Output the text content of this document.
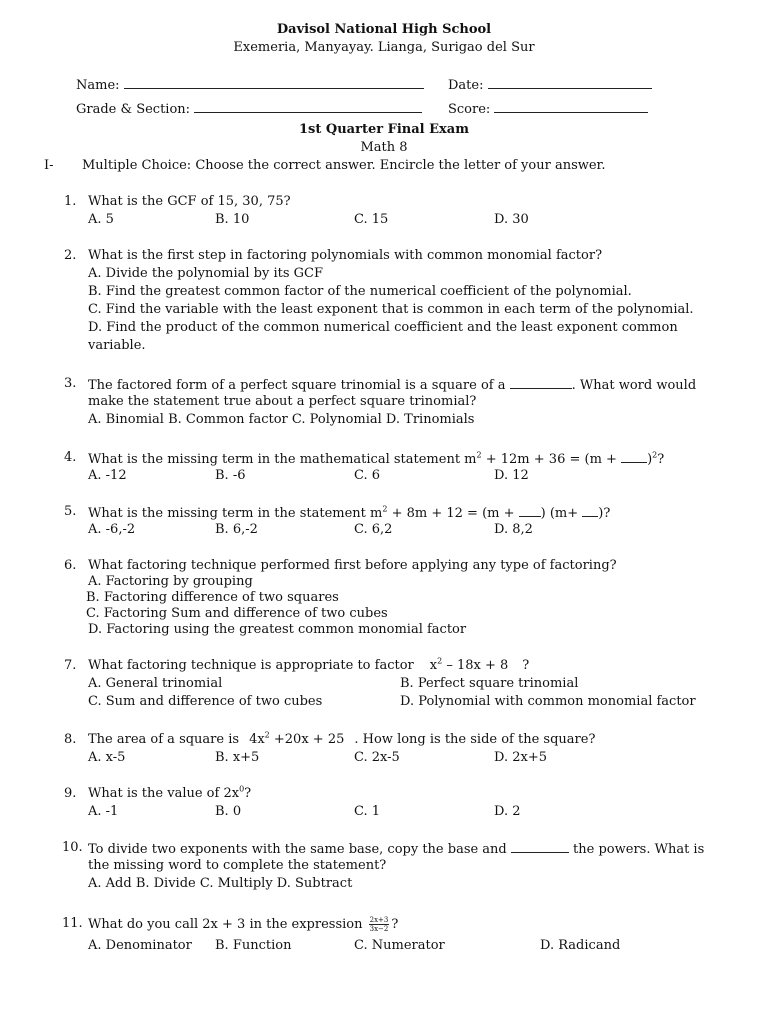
Davisol National High School
Exemeria, Manyayay. Lianga, Surigao del Sur
Name:	Date:
Grade & Section:	Score:
1st Quarter Final Exam
Math 8
I- Multiple Choice: Choose the correct answer. Encircle the letter of your answer.
1. What is the GCF of 15, 30, 75?
A. 5	B. 10	C. 15	D. 30
2. What is the first step in factoring polynomials with common monomial factor?
A. Divide the polynomial by its GCF
B. Find the greatest common factor of the numerical coefficient of the polynomial.
C. Find the variable with the least exponent that is common in each term of the polynomial.
D. Find the product of the common numerical coefficient and the least exponent common
variable.
3. The factored form of a perfect square trinomial is a square of a	. What word would
make the statement true about a perfect square trinomial?
A. Binomial B. Common factor C. Polynomial D. Trinomials
4. What is the missing term in the mathematical statement $m^2 + 12m + 36 = (m + )^2$?
A. -12	B. -6	C. 6	D. 12
5. What is the missing term in the statement $m^2 + 8m + 12 = (m$ + ) (m+ )?
A. -6,-2	B. 6,-2	C. 6,2	D. 8,2
6. What factoring technique performed first before applying any type of factoring?
A. Factoring by grouping
B. Factoring difference of two squares
C. Factoring Sum and difference of two cubes
D. Factoring using the greatest common monomial factor
7. What factoring technique is appropriate to factor $x^2 - 18x + 8$ ?
A. General trinomial	B. Perfect square trinomial
C. Sum and difference of two cubes	D. Polynomial with common monomial factor
8. The area of a square is $4x^2 +20x + 25$ . How long is the side of the square?
A. x-5	B. x+5	C. 2x-5	D. 2x+5
9. What is the value of $2x^0$?
A. -1	B. 0	C. 1	D. 2
10. To divide two exponents with the same base, copy the base and	the powers. What is
the missing word to complete the statement?
A. Add B. Divide C. Multiply D. Subtract
11. What do you call 2x + 3 in the expression $\frac{2x+3}{3x-2}$ ?
A. Denominator B. Function	C. Numerator	D. Radicand
